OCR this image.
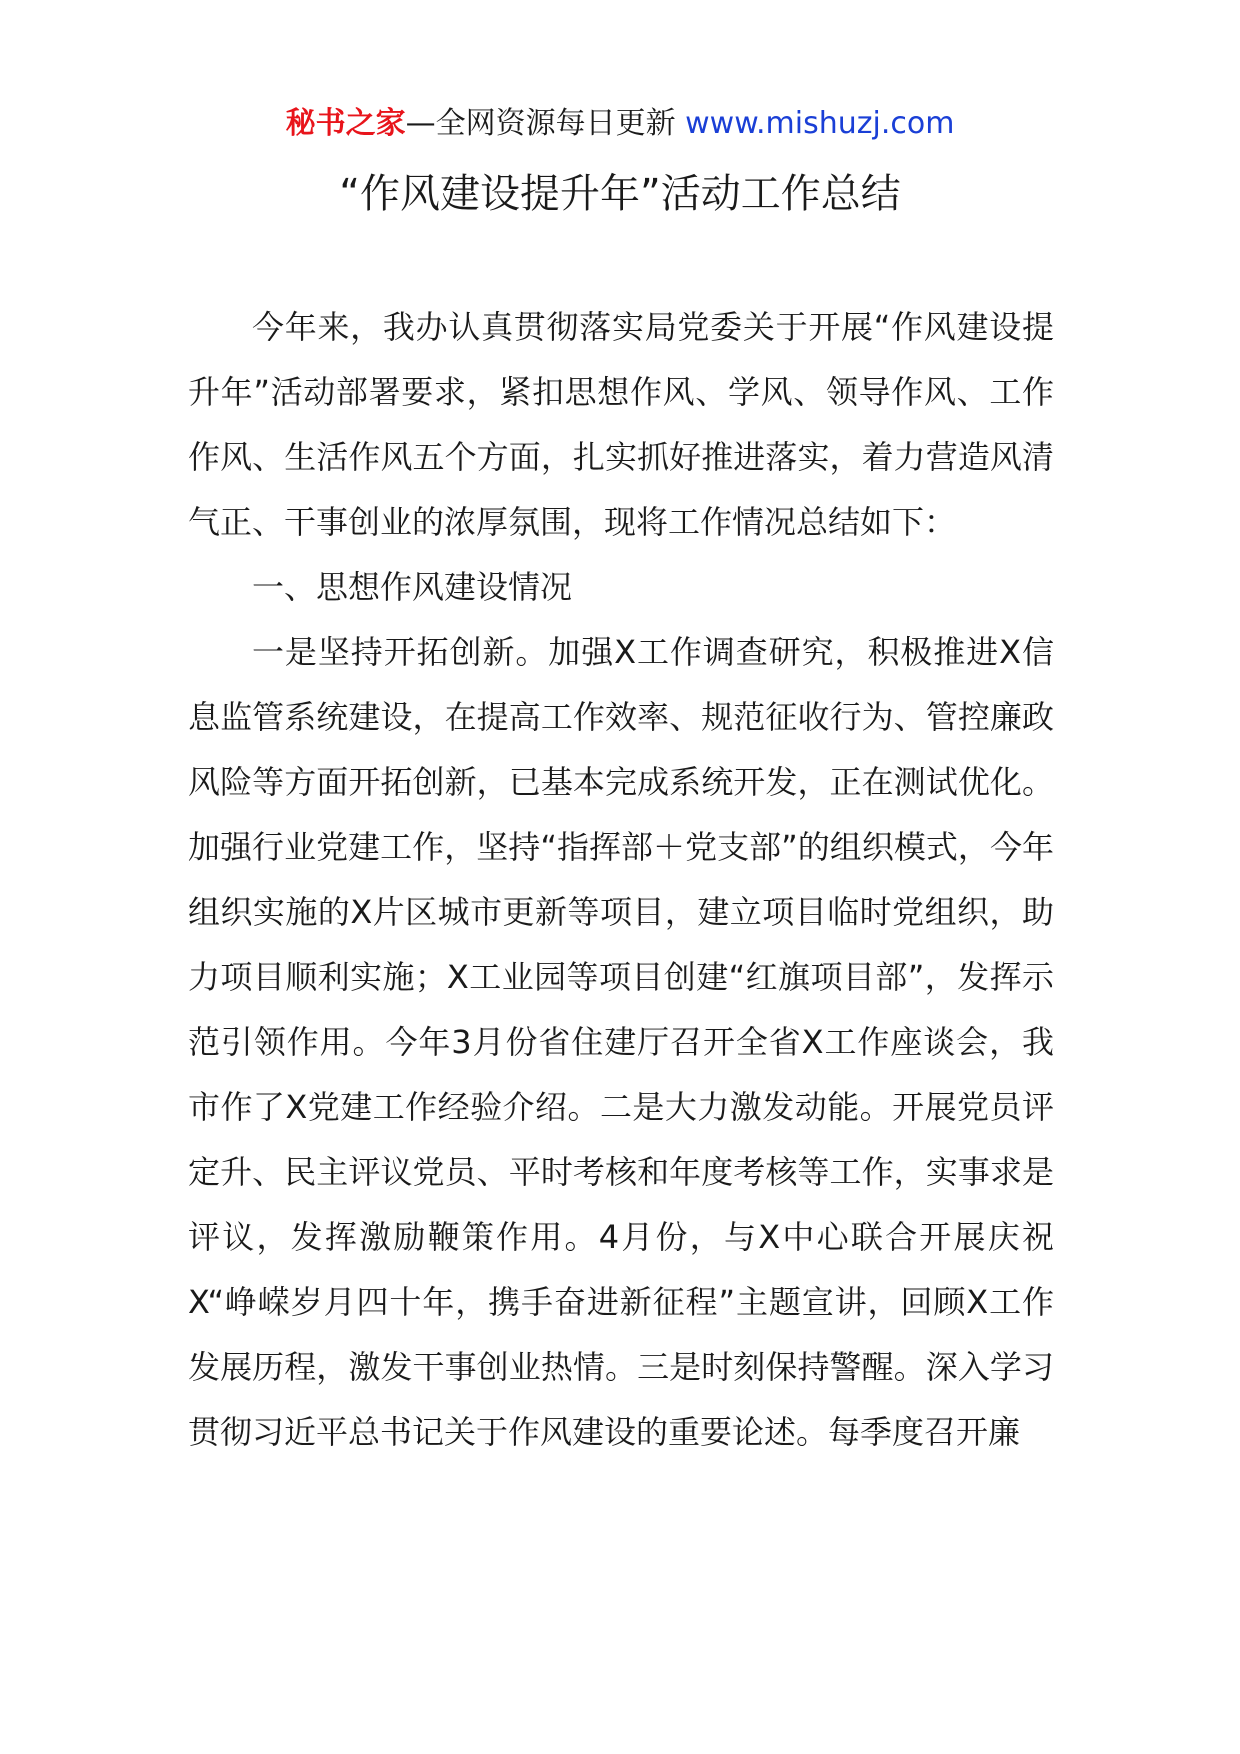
秘书之家—全网资源每日更新 www.mishuzj.com
“作风建设提升年”活动工作总结

今年来，我办认真贯彻落实局党委关于开展“作风建设提升年”活动部署要求，紧扣思想作风、学风、领导作风、工作作风、生活作风五个方面，扎实抓好推进落实，着力营造风清气正、干事创业的浓厚氛围，现将工作情况总结如下：

一、思想作风建设情况

一是坚持开拓创新。加强X工作调查研究，积极推进X信息监管系统建设，在提高工作效率、规范征收行为、管控廉政风险等方面开拓创新，已基本完成系统开发，正在测试优化。加强行业党建工作，坚持“指挥部＋党支部”的组织模式，今年组织实施的X片区城市更新等项目，建立项目临时党组织，助力项目顺利实施；X工业园等项目创建“红旗项目部”，发挥示范引领作用。今年3月份省住建厅召开全省X工作座谈会，我市作了X党建工作经验介绍。二是大力激发动能。开展党员评定升、民主评议党员、平时考核和年度考核等工作，实事求是评议，发挥激励鞭策作用。4月份，与X中心联合开展庆祝X“峥嵘岁月四十年，携手奋进新征程”主题宣讲，回顾X工作发展历程，激发干事创业热情。三是时刻保持警醒。深入学习贯彻习近平总书记关于作风建设的重要论述。每季度召开廉
